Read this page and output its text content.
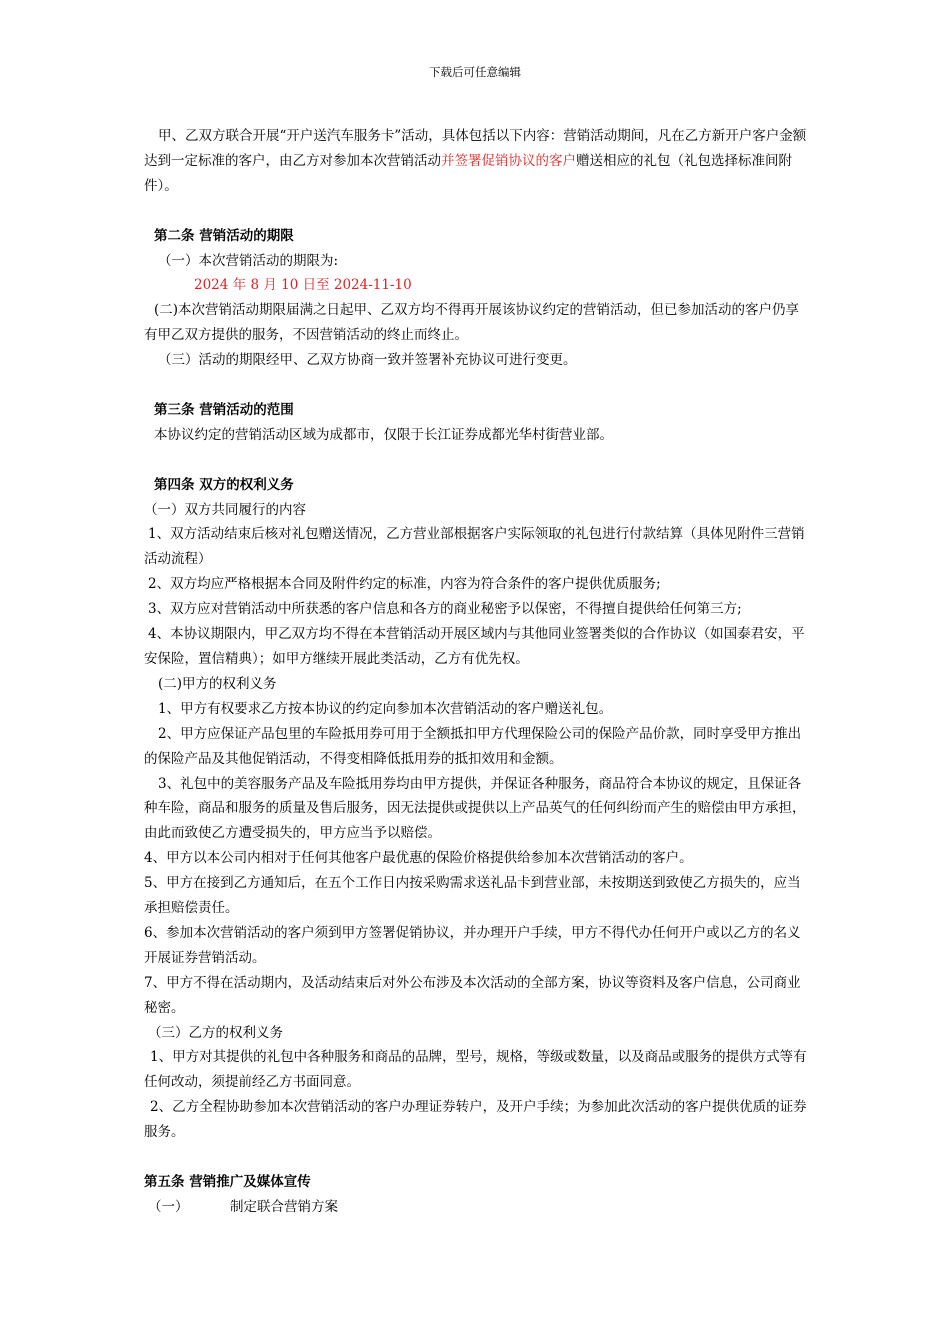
下载后可任意编辑

甲、乙双方联合开展“开户送汽车服务卡”活动，具体包括以下内容：营销活动期间，凡在乙方新开户客户金额达到一定标准的客户，由乙方对参加本次营销活动并签署促销协议的客户赠送相应的礼包（礼包选择标准间附件）。

第二条 营销活动的期限

（一）本次营销活动的期限为:

2024 年 8 月 10 日至 2024-11-10

(二)本次营销活动期限届满之日起甲、乙双方均不得再开展该协议约定的营销活动，但已参加活动的客户仍享有甲乙双方提供的服务，不因营销活动的终止而终止。

（三）活动的期限经甲、乙双方协商一致并签署补充协议可进行变更。

第三条 营销活动的范围

本协议约定的营销活动区域为成都市，仅限于长江证券成都光华村街营业部。

第四条 双方的权利义务

（一）双方共同履行的内容

1、双方活动结束后核对礼包赠送情况，乙方营业部根据客户实际领取的礼包进行付款结算（具体见附件三营销活动流程）

2、双方均应严格根据本合同及附件约定的标准，内容为符合条件的客户提供优质服务;

3、双方应对营销活动中所获悉的客户信息和各方的商业秘密予以保密，不得擅自提供给任何第三方;

4、本协议期限内，甲乙双方均不得在本营销活动开展区域内与其他同业签署类似的合作协议（如国泰君安，平安保险，置信精典）；如甲方继续开展此类活动，乙方有优先权。

(二)甲方的权利义务

1、甲方有权要求乙方按本协议的约定向参加本次营销活动的客户赠送礼包。

2、甲方应保证产品包里的车险抵用券可用于全额抵扣甲方代理保险公司的保险产品价款，同时享受甲方推出的保险产品及其他促销活动，不得变相降低抵用券的抵扣效用和金额。

3、礼包中的美容服务产品及车险抵用券均由甲方提供，并保证各种服务，商品符合本协议的规定，且保证各种车险，商品和服务的质量及售后服务，因无法提供或提供以上产品英气的任何纠纷而产生的赔偿由甲方承担，由此而致使乙方遭受损失的，甲方应当予以赔偿。

4、甲方以本公司内相对于任何其他客户最优惠的保险价格提供给参加本次营销活动的客户。

5、甲方在接到乙方通知后，在五个工作日内按采购需求送礼品卡到营业部，未按期送到致使乙方损失的，应当承担赔偿责任。

6、参加本次营销活动的客户须到甲方签署促销协议，并办理开户手续，甲方不得代办任何开户或以乙方的名义开展证券营销活动。

7、甲方不得在活动期内，及活动结束后对外公布涉及本次活动的全部方案，协议等资料及客户信息，公司商业秘密。

（三）乙方的权利义务

1、甲方对其提供的礼包中各种服务和商品的品牌，型号，规格，等级或数量，以及商品或服务的提供方式等有任何改动，须提前经乙方书面同意。

2、乙方全程协助参加本次营销活动的客户办理证券转户，及开户手续；为参加此次活动的客户提供优质的证券服务。

第五条 营销推广及媒体宣传

（一）	制定联合营销方案
